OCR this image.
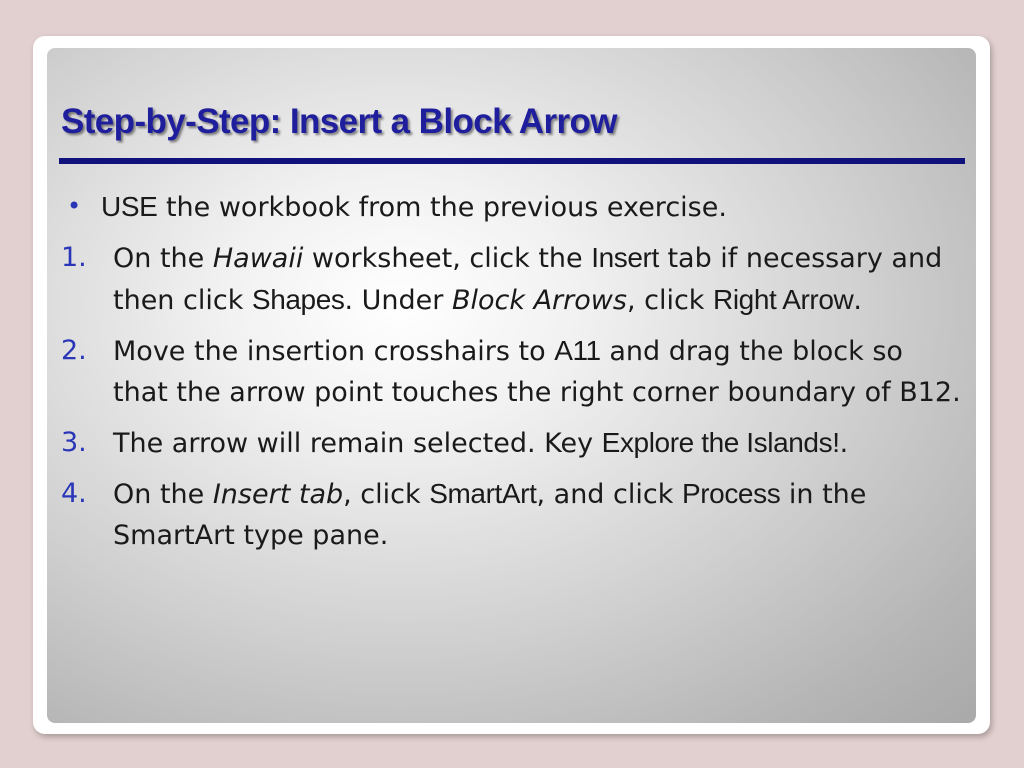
Step-by-Step: Insert a Block Arrow
• USE the workbook from the previous exercise.
1. On the Hawaii worksheet, click the Insert tab if necessary and then click Shapes. Under Block Arrows, click Right Arrow.
2. Move the insertion crosshairs to A11 and drag the block so that the arrow point touches the right corner boundary of B12.
3. The arrow will remain selected. Key Explore the Islands!.
4. On the Insert tab, click SmartArt, and click Process in the SmartArt type pane.
